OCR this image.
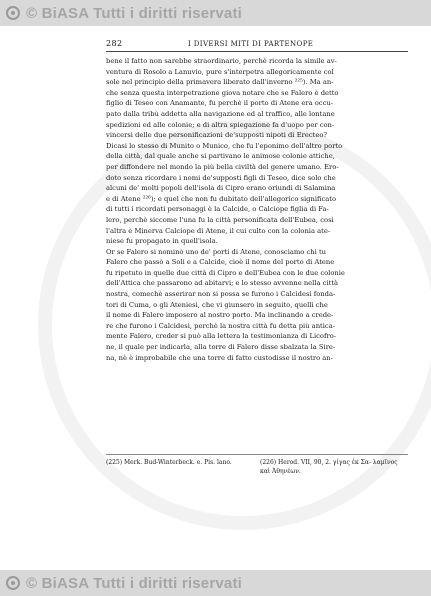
© BiASA Tutti i diritti riservati
282	I DIVERSI MITI DI PARTENOPE
bene il fatto non sarebbe straordinario, perchè ricorda la simile av-
ventura di Rosolo a Lanuvio, pure s'interpetra allegoricamente col
sole nel principio della primavera liberato dall'inverno ²²⁵). Ma an-
che senza questa interpetrazione giova notare che se Falero è detto
figlio di Teseo con Anamante, fu perchè il porto di Atene era occu-
pato dalla tribù addetta alla navigazione ed al traffico, alle lontane
spedizioni ed alle colonie; e di altra spiegazione fa d'uopo per con-
vincersi delle due personificazioni de'supposti nipoti di Erecteo?
Dicasi lo stesso di Munito o Munico, che fu l'eponimo dell'altro porto
della città, dal quale anche si partivano le animose colonie attiche,
per diffondere nel mondo la più bella civiltà del genere umano. Ero-
doto senza ricordare i nomi de'supposti figli di Teseo, dice solo che
alcuni de' molti popoli dell'isola di Cipro erano oriundi di Salamina
e di Atene ²²⁶); e quel che non fu dubitato dell'allegorico significato
di tutti i ricordati personaggi è la Calcide, o Calciope figlia di Fa-
lero, perchè siccome l'una fu la città personificata dell'Eubea, così
l'altra è Minerva Calciope di Atene, il cui culto con la colonia ate-
niese fu propagato in quell'isola.
Or se Falero si nominò uno de' porti di Atene, conosciamo chi tu
Falero che passò a Soli e a Calcide, cioè il nome del porto di Atene
fu ripetuto in quelle due città di Cipro e dell'Eubea con le due colonie
dell'Attica che passarono ad abitarvi; e lo stesso avvenne nella città
nostra, comechè asserirar non si possa se furono i Calcidesi fonda-
tori di Cuma, o gli Ateniesi, che vi giunsero in seguito, quelli che
il nome di Falero imposero al nostro porto. Ma inclinando a crede-
re che furono i Calcidesi, perchè la nostra città fu detta più antica-
mente Falero, creder si può alla lettera la testimonianza di Licofro-
ne, il quale per indicarla, alla torre di Falero disse sbalzata la Sire-
na, nè è improbabile che una torre di fatto custodisse il nostro an-
(225) Merk. Bud-Winterbeck. e. Pis. lano.	(226) Herod. VII, 90, 2. γίγας ἐκ Σα- λαμῖνος καὶ Ἀθηνέων.
© BiASA Tutti i diritti riservati
